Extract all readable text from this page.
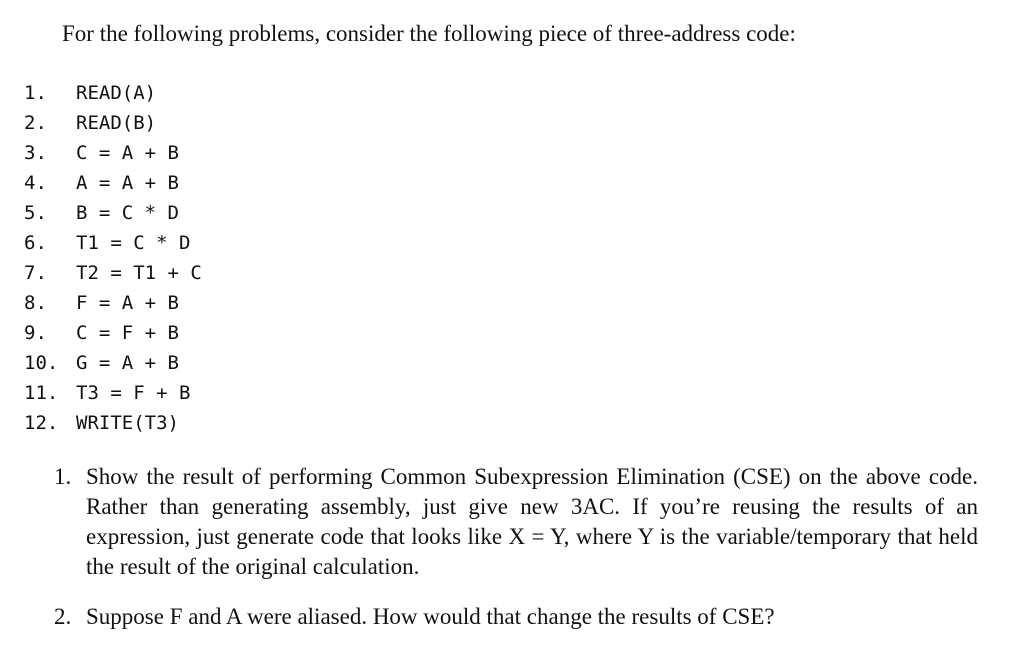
For the following problems, consider the following piece of three-address code:
1.	READ(A)
2.	READ(B)
3.	C = A + B
4.	A = A + B
5.	B = C * D
6.	T1 = C * D
7.	T2 = T1 + C
8.	F = A + B
9.	C = F + B
10. G = A + B
11. T3 = F + B
12. WRITE(T3)
1. Show the result of performing Common Subexpression Elimination (CSE) on the above code. Rather than generating assembly, just give new 3AC. If you’re reusing the results of an expression, just generate code that looks like X = Y, where Y is the variable/temporary that held the result of the original calculation.
2. Suppose F and A were aliased. How would that change the results of CSE?
